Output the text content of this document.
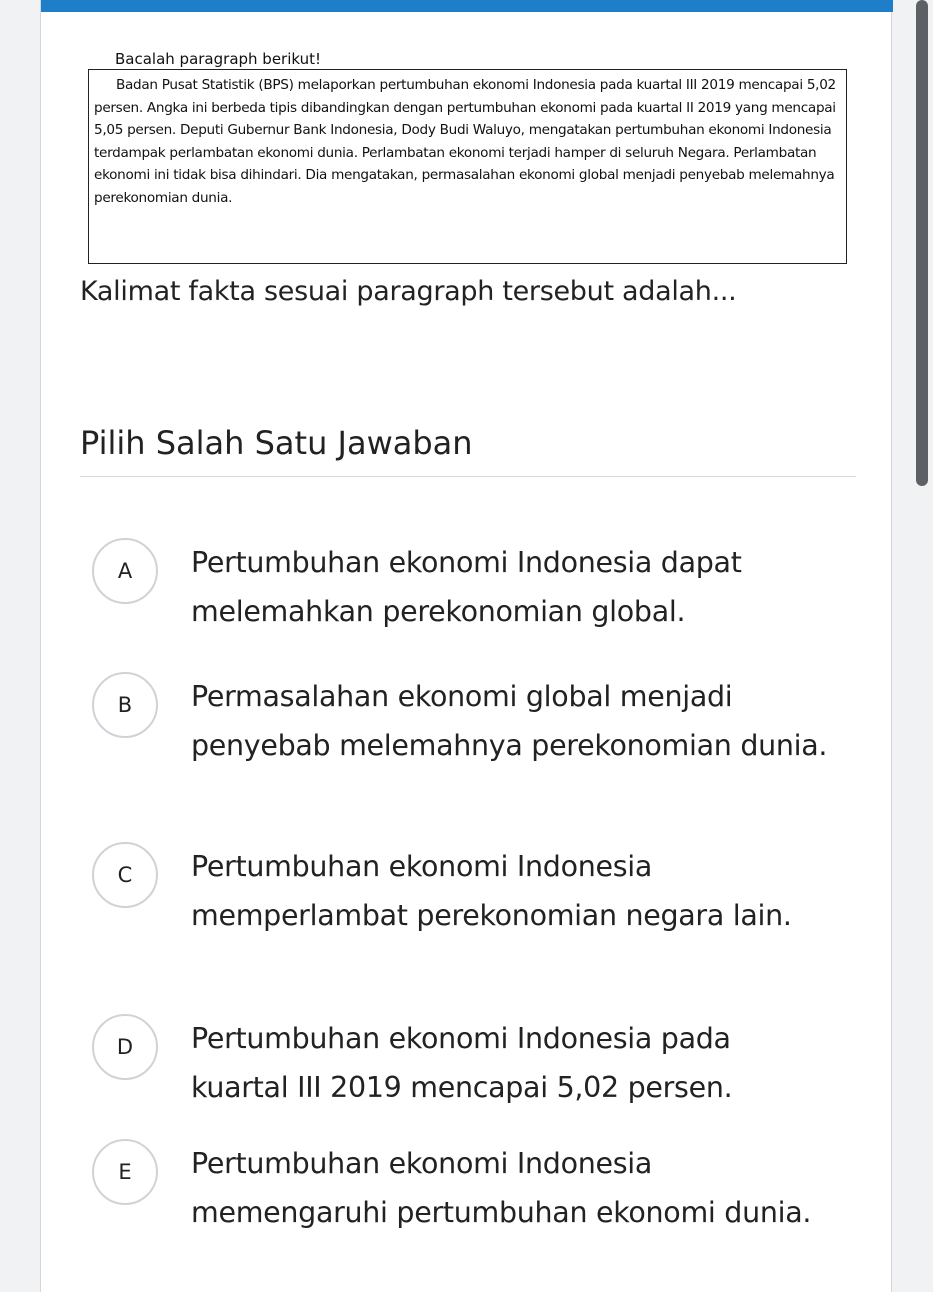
Bacalah paragraph berikut!
Badan Pusat Statistik (BPS) melaporkan pertumbuhan ekonomi Indonesia pada kuartal III 2019 mencapai 5,02 persen. Angka ini berbeda tipis dibandingkan dengan pertumbuhan ekonomi pada kuartal II 2019 yang mencapai 5,05 persen. Deputi Gubernur Bank Indonesia, Dody Budi Waluyo, mengatakan pertumbuhan ekonomi Indonesia terdampak perlambatan ekonomi dunia. Perlambatan ekonomi terjadi hamper di seluruh Negara. Perlambatan ekonomi ini tidak bisa dihindari. Dia mengatakan, permasalahan ekonomi global menjadi penyebab melemahnya perekonomian dunia.
Kalimat fakta sesuai paragraph tersebut adalah...
Pilih Salah Satu Jawaban
A	Pertumbuhan ekonomi Indonesia dapat melemahkan perekonomian global.
B	Permasalahan ekonomi global menjadi penyebab melemahnya perekonomian dunia.
C	Pertumbuhan ekonomi Indonesia memperlambat perekonomian negara lain.
D	Pertumbuhan ekonomi Indonesia pada kuartal III 2019 mencapai 5,02 persen.
E	Pertumbuhan ekonomi Indonesia memengaruhi pertumbuhan ekonomi dunia.
